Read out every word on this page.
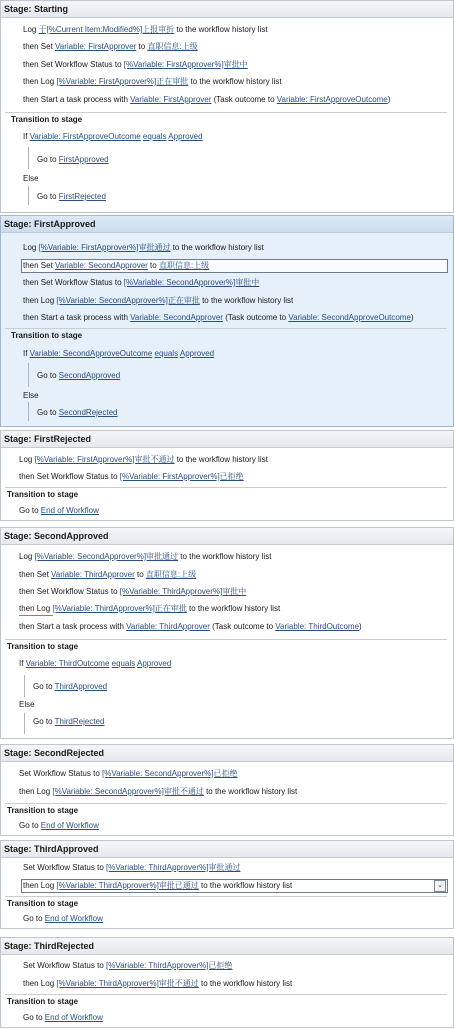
Stage: Starting
Log 于[%Current Item:Modified%]上报审折 to the workflow history list
then Set Variable: FirstApprover to 直职信息:上级
then Set Workflow Status to [%Variable: FirstApprover%]审批中
then Log [%Variable: FirstApprover%]正在审批 to the workflow history list
then Start a task process with Variable: FirstApprover (Task outcome to Variable: FirstApproveOutcome)
Transition to stage
If Variable: FirstApproveOutcome equals Approved
Go to FirstApproved
Else
Go to FirstRejected
Stage: FirstApproved
Log [%Variable: FirstApprover%]审批通过 to the workflow history list
then Set Variable: SecondApprover to 直职信息:上级
then Set Workflow Status to [%Variable: SecondApprover%]审批中
then Log [%Variable: SecondApprover%]正在审批 to the workflow history list
then Start a task process with Variable: SecondApprover (Task outcome to Variable: SecondApproveOutcome)
Transition to stage
If Variable: SecondApproveOutcome equals Approved
Go to SecondApproved
Else
Go to SecondRejected
Stage: FirstRejected
Log [%Variable: FirstApprover%]审批不通过 to the workflow history list
then Set Workflow Status to [%Variable: FirstApprover%]已拒绝
Transition to stage
Go to End of Workflow
Stage: SecondApproved
Log [%Variable: SecondApprover%]审批通过 to the workflow history list
then Set Variable: ThirdApprover to 直职信息:上级
then Set Workflow Status to [%Variable: ThirdApprover%]审批中
then Log [%Variable: ThirdApprover%]正在审批 to the workflow history list
then Start a task process with Variable: ThirdApprover (Task outcome to Variable: ThirdOutcome)
Transition to stage
If Variable: ThirdOutcome equals Approved
Go to ThirdApproved
Else
Go to ThirdRejected
Stage: SecondRejected
Set Workflow Status to [%Variable: SecondApprover%]已拒绝
then Log [%Variable: SecondApprover%]审批不通过 to the workflow history list
Transition to stage
Go to End of Workflow
Stage: ThirdApproved
Set Workflow Status to [%Variable: ThirdApprover%]审批通过
⌄
then Log [%Variable: ThirdApprover%]审批已通过 to the workflow history list
Transition to stage
Go to End of Workflow
Stage: ThirdRejected
Set Workflow Status to [%Variable: ThirdApprover%]已拒绝
then Log [%Variable: ThirdApprover%]审批不通过 to the workflow history list
Transition to stage
Go to End of Workflow
